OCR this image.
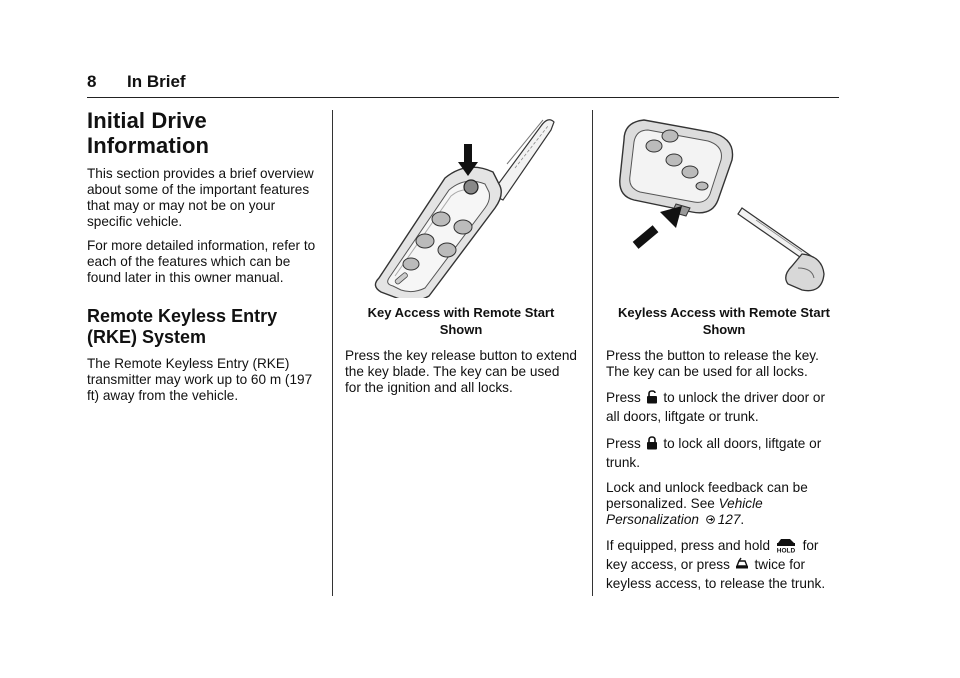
8 In Brief
Initial Drive Information

This section provides a brief overview about some of the important features that may or may not be on your specific vehicle.

For more detailed information, refer to each of the features which can be found later in this owner manual.

Remote Keyless Entry (RKE) System

The Remote Keyless Entry (RKE) transmitter may work up to 60 m (197 ft) away from the vehicle.

Key Access with Remote Start Shown

Press the key release button to extend the key blade. The key can be used for the ignition and all locks.

Keyless Access with Remote Start Shown

Press the button to release the key. The key can be used for all locks.

Press to unlock the driver door or all doors, liftgate or trunk.

Press to lock all doors, liftgate or trunk.

Lock and unlock feedback can be personalized. See Vehicle Personalization 127.

If equipped, press and hold HOLD for key access, or press twice for keyless access, to release the trunk.
